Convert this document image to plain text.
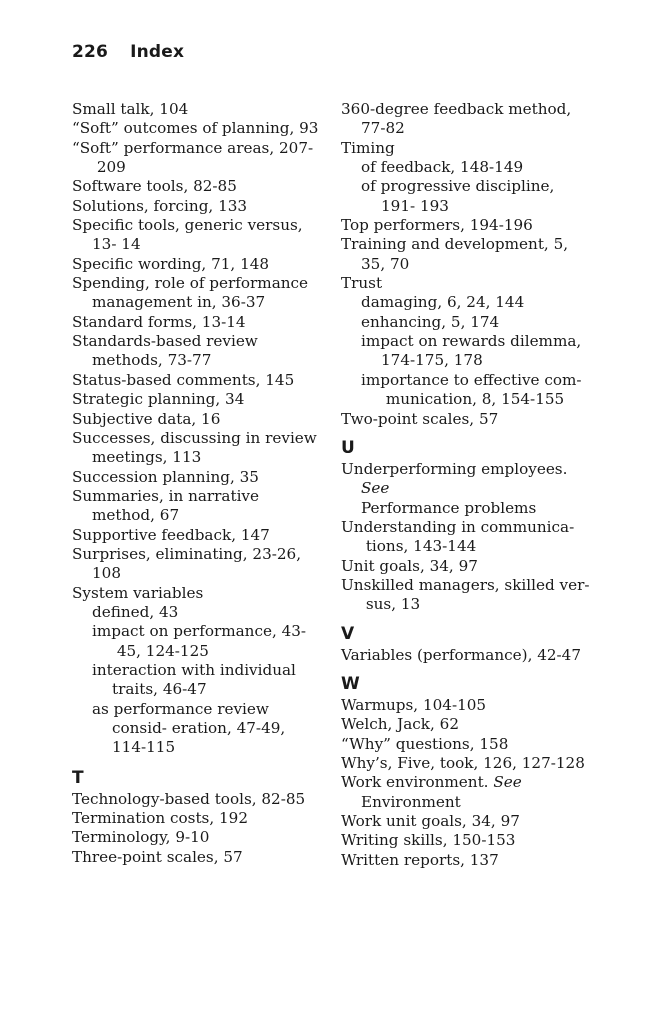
226 Index
Small talk, 104
“Soft” outcomes of planning, 93
“Soft” performance areas, 207- 209
Software tools, 82-85
Solutions, forcing, 133
Specific tools, generic versus, 13- 14
Specific wording, 71, 148
Spending, role of performance management in, 36-37
Standard forms, 13-14
Standards-based review methods, 73-77
Status-based comments, 145
Strategic planning, 34
Subjective data, 16
Successes, discussing in review meetings, 113
Succession planning, 35
Summaries, in narrative method, 67
Supportive feedback, 147
Surprises, eliminating, 23-26, 108
System variables
defined, 43
impact on performance, 43- 45, 124-125
interaction with individual traits, 46-47
as performance review consid- eration, 47-49, 114-115
T
Technology-based tools, 82-85
Termination costs, 192
Terminology, 9-10
Three-point scales, 57
360-degree feedback method, 77-82
Timing
of feedback, 148-149
of progressive discipline, 191- 193
Top performers, 194-196
Training and development, 5, 35, 70
Trust
damaging, 6, 24, 144
enhancing, 5, 174
impact on rewards dilemma, 174-175, 178
importance to effective com- munication, 8, 154-155
Two-point scales, 57
U
Underperforming employees. See
Performance problems
Understanding in communica- tions, 143-144
Unit goals, 34, 97
Unskilled managers, skilled ver- sus, 13
V
Variables (performance), 42-47
W
Warmups, 104-105
Welch, Jack, 62
“Why” questions, 158
Why’s, Five, took, 126, 127-128
Work environment. See
Environment
Work unit goals, 34, 97
Writing skills, 150-153
Written reports, 137
